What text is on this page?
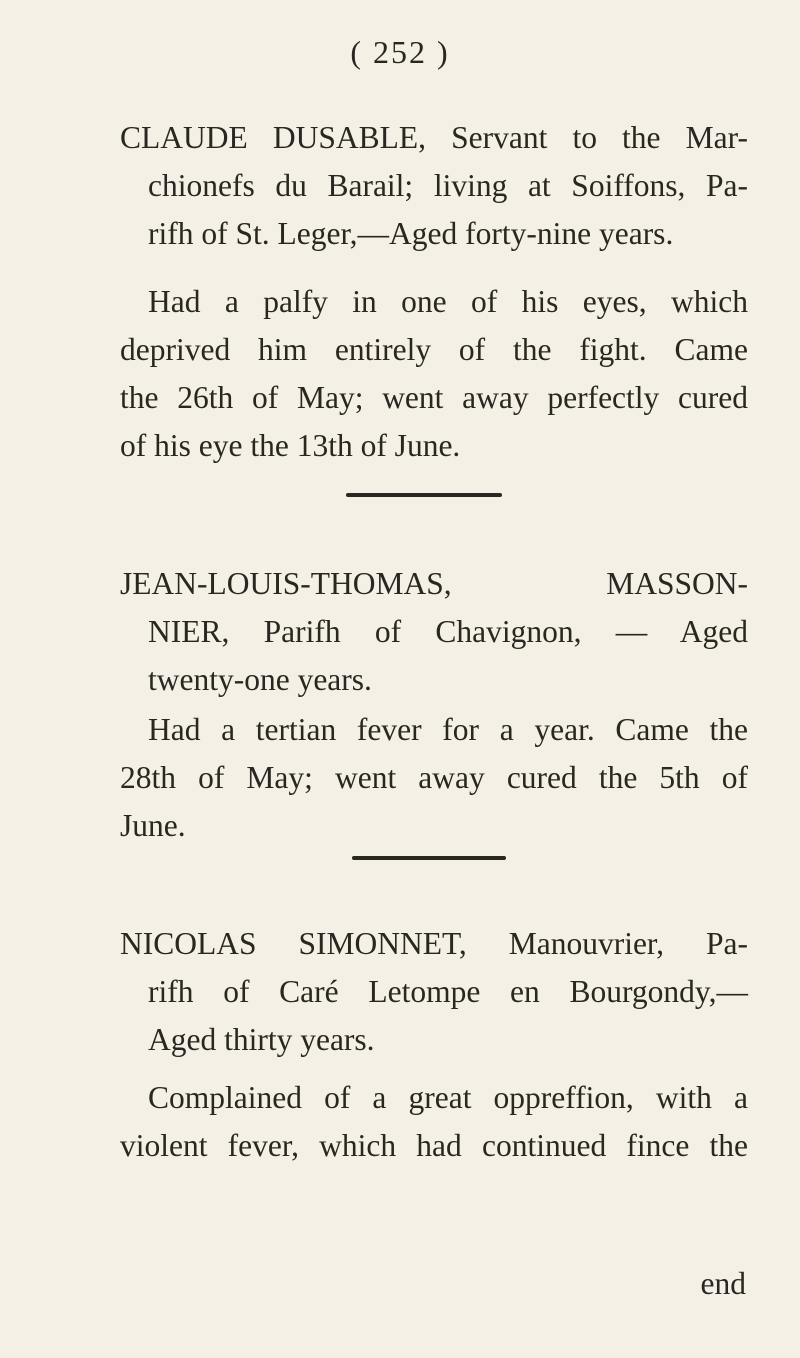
( 252 )
CLAUDE DUSABLE, Servant to the Mar-
chionefs du Barail; living at Soiffons, Pa-
rifh of St. Leger,—Aged forty-nine years.
Had a palfy in one of his eyes, which
deprived him entirely of the fight. Came
the 26th of May; went away perfectly cured
of his eye the 13th of June.
JEAN-LOUIS-THOMAS, MASSON-
NIER, Parifh of Chavignon, — Aged
twenty-one years.
Had a tertian fever for a year. Came the
28th of May; went away cured the 5th of
June.
NICOLAS SIMONNET, Manouvrier, Pa-
rifh of Caré Letompe en Bourgondy,—
Aged thirty years.
Complained of a great oppreffion, with a
violent fever, which had continued fince the
end
